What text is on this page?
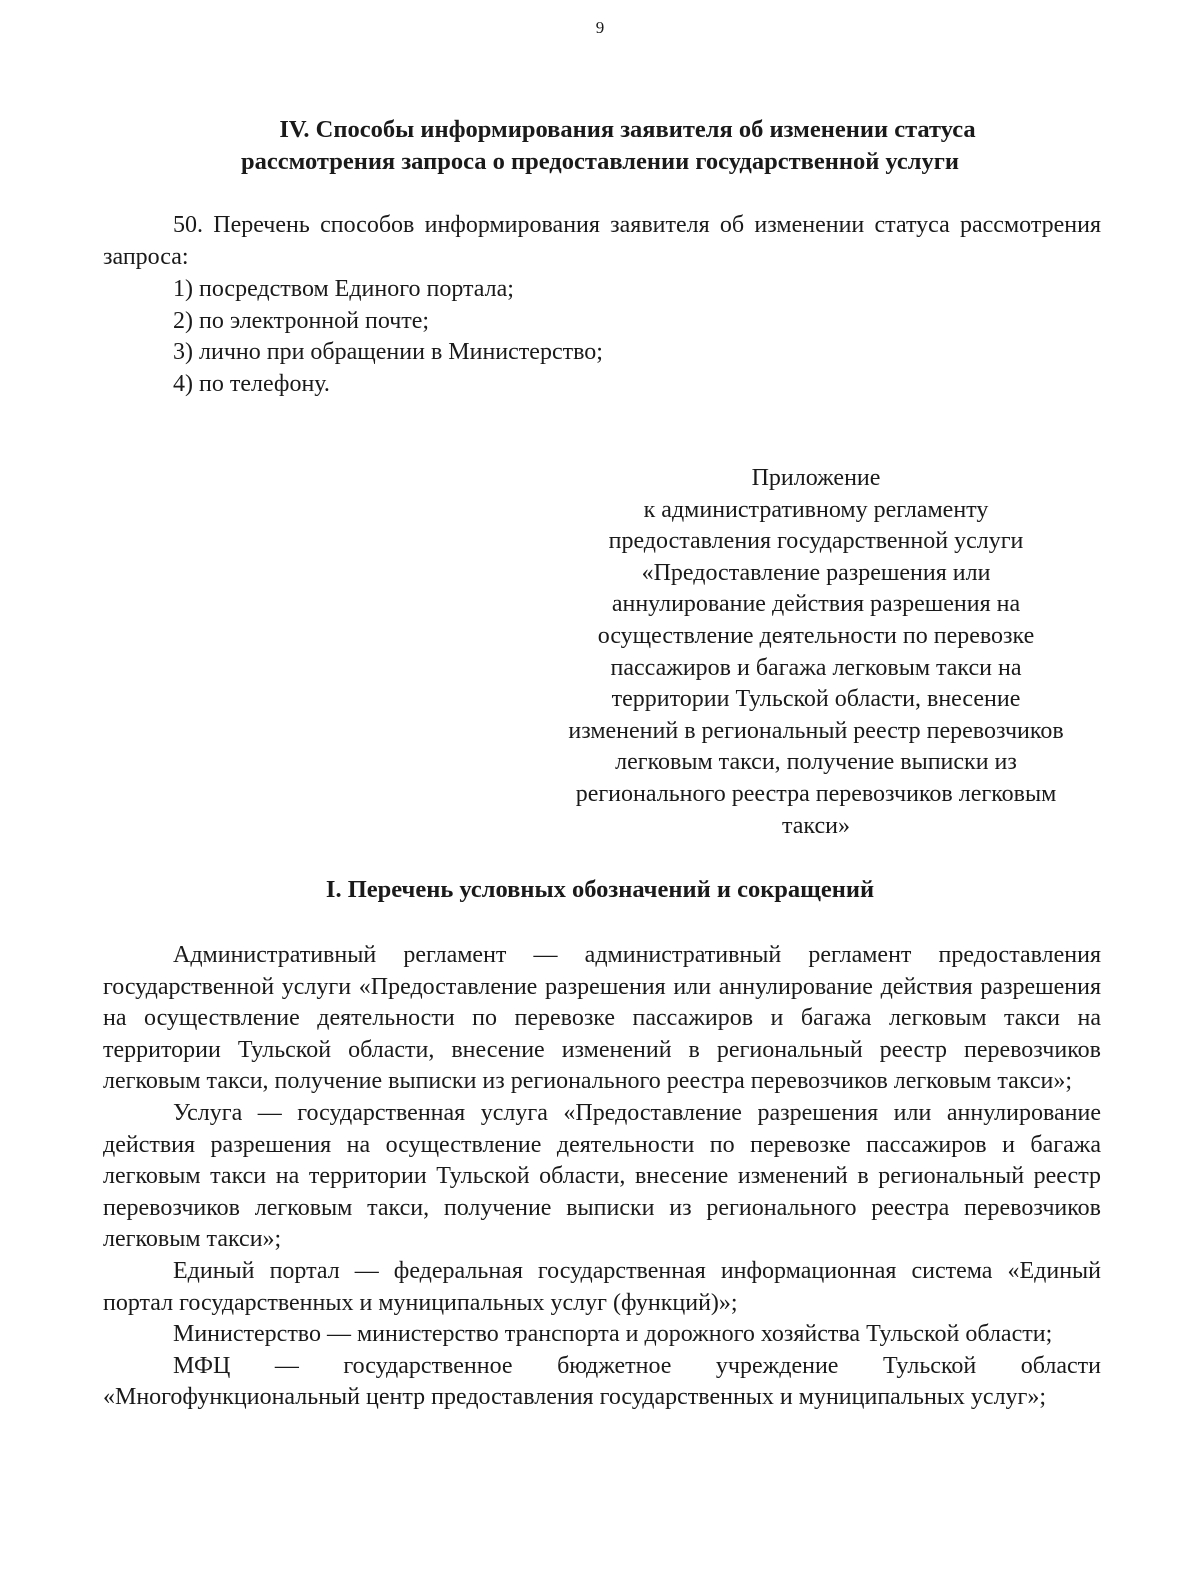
9
IV. Способы информирования заявителя об изменении статуса
рассмотрения запроса о предоставлении государственной услуги
50. Перечень способов информирования заявителя об изменении статуса рассмотрения запроса:
1) посредством Единого портала;
2) по электронной почте;
3) лично при обращении в Министерство;
4) по телефону.
Приложение
к административному регламенту
предоставления государственной услуги
«Предоставление разрешения или
аннулирование действия разрешения на
осуществление деятельности по перевозке
пассажиров и багажа легковым такси на
территории Тульской области, внесение
изменений в региональный реестр перевозчиков
легковым такси, получение выписки из
регионального реестра перевозчиков легковым
такси»
I. Перечень условных обозначений и сокращений

Административный регламент — административный регламент предоставления государственной услуги «Предоставление разрешения или аннулирование действия разрешения на осуществление деятельности по перевозке пассажиров и багажа легковым такси на территории Тульской области, внесение изменений в региональный реестр перевозчиков легковым такси, получение выписки из регионального реестра перевозчиков легковым такси»;

Услуга — государственная услуга «Предоставление разрешения или аннулирование действия разрешения на осуществление деятельности по перевозке пассажиров и багажа легковым такси на территории Тульской области, внесение изменений в региональный реестр перевозчиков легковым такси, получение выписки из регионального реестра перевозчиков легковым такси»;

Единый портал — федеральная государственная информационная система «Единый портал государственных и муниципальных услуг (функций)»;

Министерство — министерство транспорта и дорожного хозяйства Тульской области;

МФЦ — государственное бюджетное учреждение Тульской области «Многофункциональный центр предоставления государственных и муниципальных услуг»;
